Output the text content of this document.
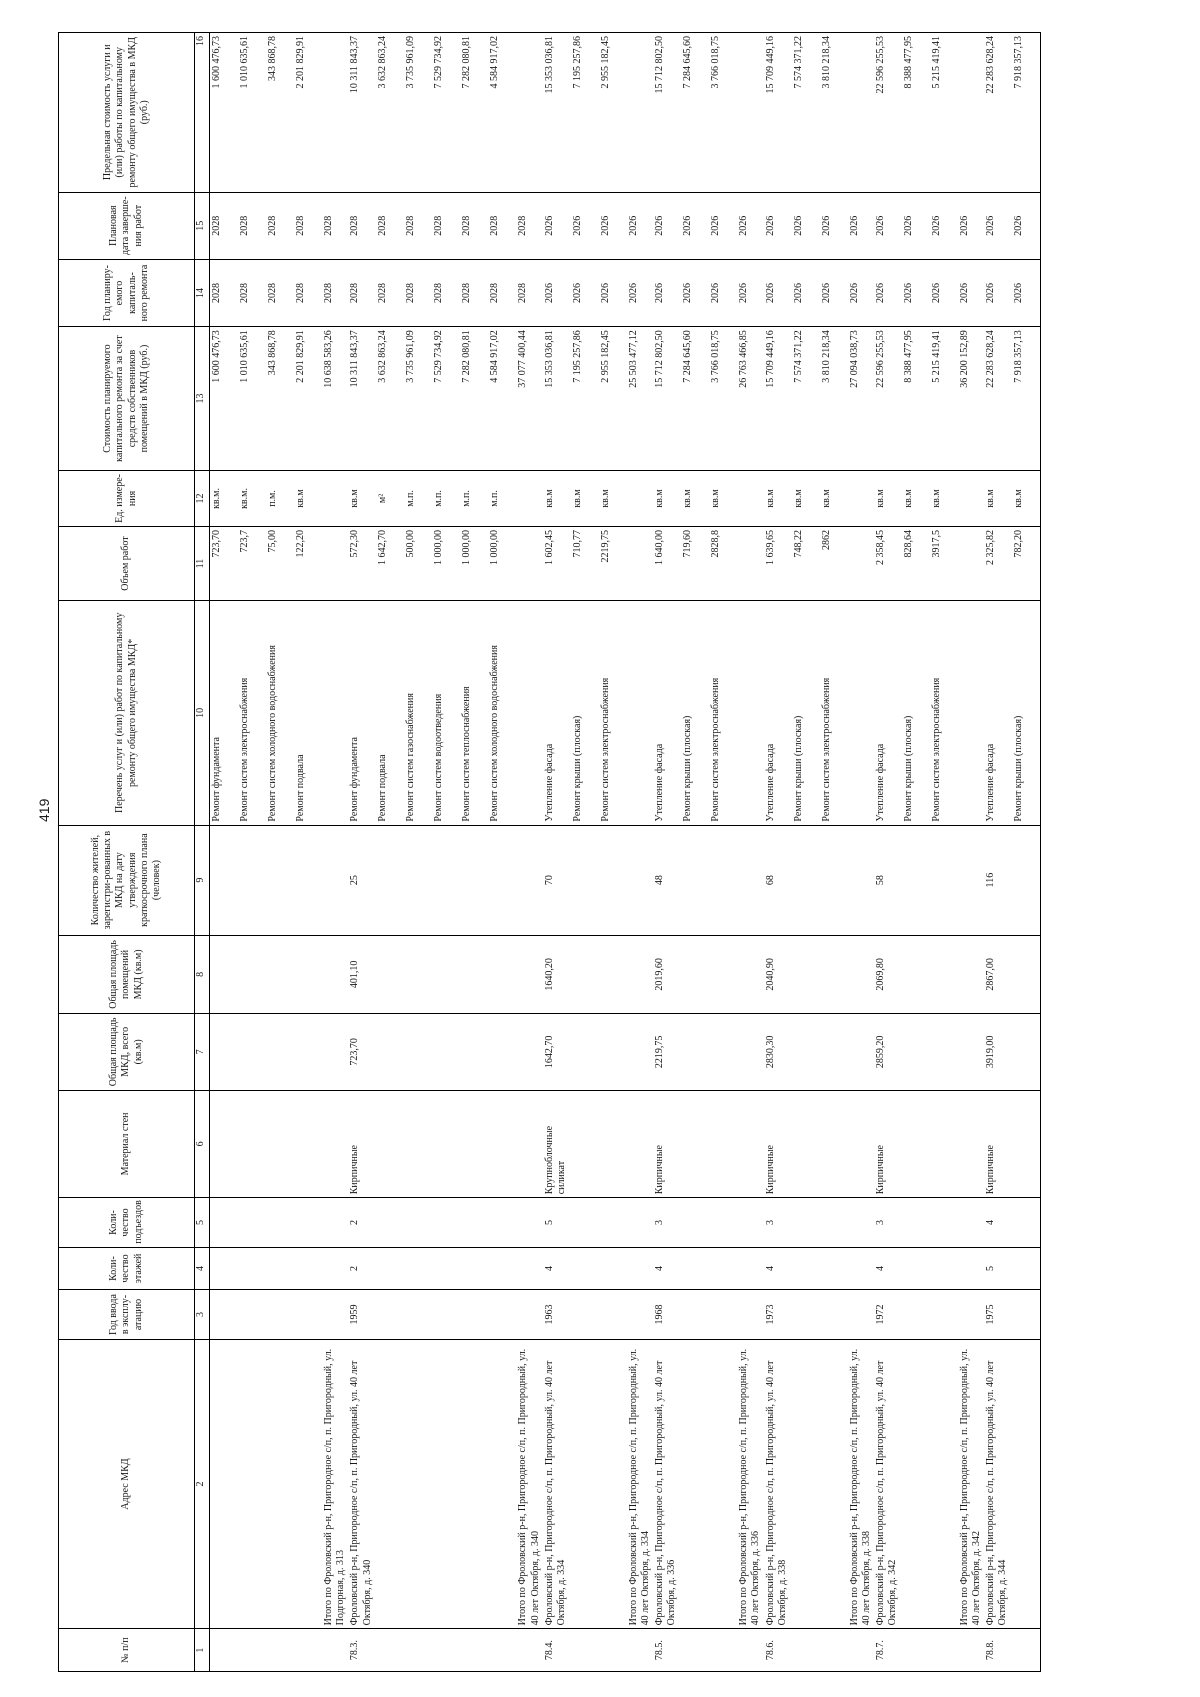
419
№ п/п	Адрес МКД	Год ввода в эксплу-атацию	Коли-чество этажей	Коли-чество подъездов	Материал стен	Общая площадь МКД, всего (кв.м)	Общая площадь помещений МКД (кв.м)	Количество жителей, зарегистри-рованных в МКД на дату утверждения краткосрочного плана (человек)	Перечень услуг и (или) работ по капитальному ремонту общего имущества МКД*	Объем работ	Ед. измере-ния	Стоимость планируемого капитального ремонта за счет средств собственников помещений в МКД (руб.)	Год планиру-емого капиталь-ного ремонта	Плановая дата заверше-ния работ	Предельная стоимость услуги и (или) работы по капитальному ремонту общего имущества в МКД (руб.)
1	2	3	4	5	6	7	8	9	10	11	12	13	14	15	16
									Ремонт фундамента	723,70	кв.м.	1 600 476,73	2028	2028	1 600 476,73
									Ремонт систем электроснабжения	723,7	кв.м.	1 010 635,61	2028	2028	1 010 635,61
									Ремонт систем холодного водоснабжения	75,00	п.м.	343 868,78	2028	2028	343 868,78
									Ремонт подвала	122,20	кв.м	2 201 829,91	2028	2028	2 201 829,91
	Итого по Фроловский р-н, Пригородное с/п, п. Пригородный, ул. Подгорная, д. 313											10 638 583,26	2028	2028	
78.3.	Фроловский р-н, Пригородное с/п, п. Пригородный, ул. 40 лет Октября, д. 340	1959	2	2	Кирпичные	723,70	401,10	25	Ремонт фундамента	572,30	кв.м	10 311 843,37	2028	2028	10 311 843,37
									Ремонт подвала	1 642,70	м²	3 632 863,24	2028	2028	3 632 863,24
									Ремонт систем газоснабжения	500,00	м.п.	3 735 961,09	2028	2028	3 735 961,09
									Ремонт систем водоотведения	1 000,00	м.п.	7 529 734,92	2028	2028	7 529 734,92
									Ремонт систем теплоснабжения	1 000,00	м.п.	7 282 080,81	2028	2028	7 282 080,81
									Ремонт систем холодного водоснабжения	1 000,00	м.п.	4 584 917,02	2028	2028	4 584 917,02
	Итого по Фроловский р-н, Пригородное с/п, п. Пригородный, ул. 40 лет Октября, д. 340											37 077 400,44	2028	2028	
78.4.	Фроловский р-н, Пригородное с/п, п. Пригородный, ул. 40 лет Октября, д. 334	1963	4	5	Крупноблочные силикат	1642,70	1640,20	70	Утепление фасада	1 602,45	кв.м	15 353 036,81	2026	2026	15 353 036,81
									Ремонт крыши (плоская)	710,77	кв.м	7 195 257,86	2026	2026	7 195 257,86
									Ремонт систем электроснабжения	2219,75	кв.м	2 955 182,45	2026	2026	2 955 182,45
	Итого по Фроловский р-н, Пригородное с/п, п. Пригородный, ул. 40 лет Октября, д. 334											25 503 477,12	2026	2026	
78.5.	Фроловский р-н, Пригородное с/п, п. Пригородный, ул. 40 лет Октября, д. 336	1968	4	3	Кирпичные	2219,75	2019,60	48	Утепление фасада	1 640,00	кв.м	15 712 802,50	2026	2026	15 712 802,50
									Ремонт крыши (плоская)	719,60	кв.м	7 284 645,60	2026	2026	7 284 645,60
									Ремонт систем электроснабжения	2828,8	кв.м	3 766 018,75	2026	2026	3 766 018,75
	Итого по Фроловский р-н, Пригородное с/п, п. Пригородный, ул. 40 лет Октября, д. 336											26 763 466,85	2026	2026	
78.6.	Фроловский р-н, Пригородное с/п, п. Пригородный, ул. 40 лет Октября, д. 338	1973	4	3	Кирпичные	2830,30	2040,90	68	Утепление фасада	1 639,65	кв.м	15 709 449,16	2026	2026	15 709 449,16
									Ремонт крыши (плоская)	748,22	кв.м	7 574 371,22	2026	2026	7 574 371,22
									Ремонт систем электроснабжения	2862	кв.м	3 810 218,34	2026	2026	3 810 218,34
	Итого по Фроловский р-н, Пригородное с/п, п. Пригородный, ул. 40 лет Октября, д. 338											27 094 038,73	2026	2026	
78.7.	Фроловский р-н, Пригородное с/п, п. Пригородный, ул. 40 лет Октября, д. 342	1972	4	3	Кирпичные	2859,20	2069,80	58	Утепление фасада	2 358,45	кв.м	22 596 255,53	2026	2026	22 596 255,53
									Ремонт крыши (плоская)	828,64	кв.м	8 388 477,95	2026	2026	8 388 477,95
									Ремонт систем электроснабжения	3917,5	кв.м	5 215 419,41	2026	2026	5 215 419,41
	Итого по Фроловский р-н, Пригородное с/п, п. Пригородный, ул. 40 лет Октября, д. 342											36 200 152,89	2026	2026	
78.8.	Фроловский р-н, Пригородное с/п, п. Пригородный, ул. 40 лет Октября, д. 344	1975	5	4	Кирпичные	3919,00	2867,00	116	Утепление фасада	2 325,82	кв.м	22 283 628,24	2026	2026	22 283 628,24
									Ремонт крыши (плоская)	782,20	кв.м	7 918 357,13	2026	2026	7 918 357,13
